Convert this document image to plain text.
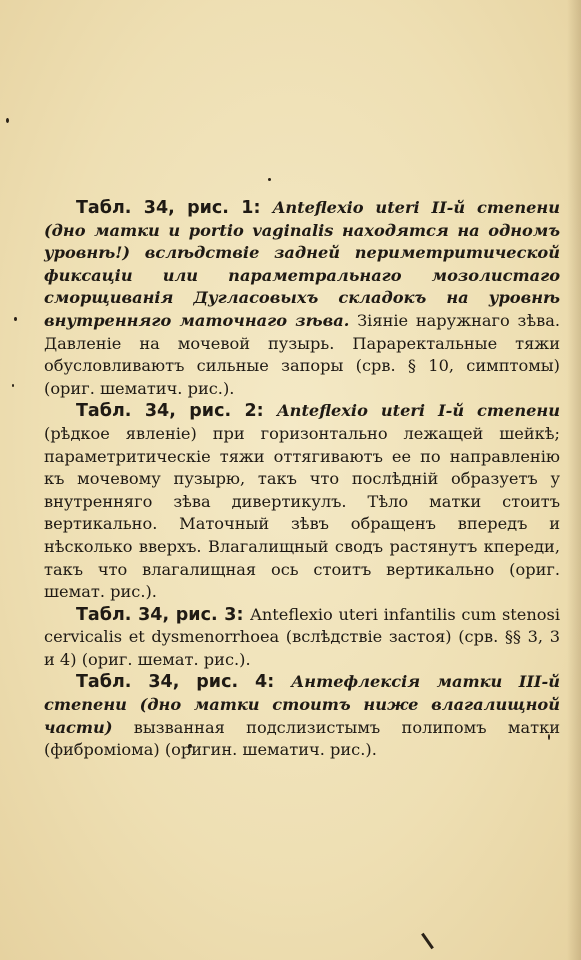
Табл. 34, рис. 1: Anteflexio uteri II-й степени (дно матки и portio vaginalis находятся на одномъ уровнѣ!) вслѣдствіе задней периметритической фиксаціи или параметральнаго мозолистаго сморщиванія Дугласовыхъ складокъ на уровнѣ внутренняго маточнаго зѣва. Зіяніе наружнаго зѣва. Давленіе на мочевой пузырь. Параректальные тяжи обусловливаютъ сильные запоры (срв. § 10, симптомы) (ориг. шематич. рис.).

Табл. 34, рис. 2: Anteflexio uteri I-й степени (рѣдкое явленіе) при горизонтально лежащей шейкѣ; параметритическіе тяжи оттягиваютъ ее по направленію къ мочевому пузырю, такъ что послѣдній образуетъ у внутренняго зѣва дивертикулъ. Тѣло матки стоитъ вертикально. Маточный зѣвъ обращенъ впередъ и нѣсколько вверхъ. Влагалищный сводъ растянутъ кпереди, такъ что влагалищная ось стоитъ вертикально (ориг. шемат. рис.).

Табл. 34, рис. 3: Anteflexio uteri infantilis cum stenosi cervicalis et dysmenorrhoea (вслѣдствіе застоя) (срв. §§ 3, 3 и 4) (ориг. шемат. рис.).

Табл. 34, рис. 4: Антефлексія матки III-й степени (дно матки стоитъ ниже влагалищной части) вызванная подслизистымъ полипомъ матки (фиброміома) (оригин. шематич. рис.).
